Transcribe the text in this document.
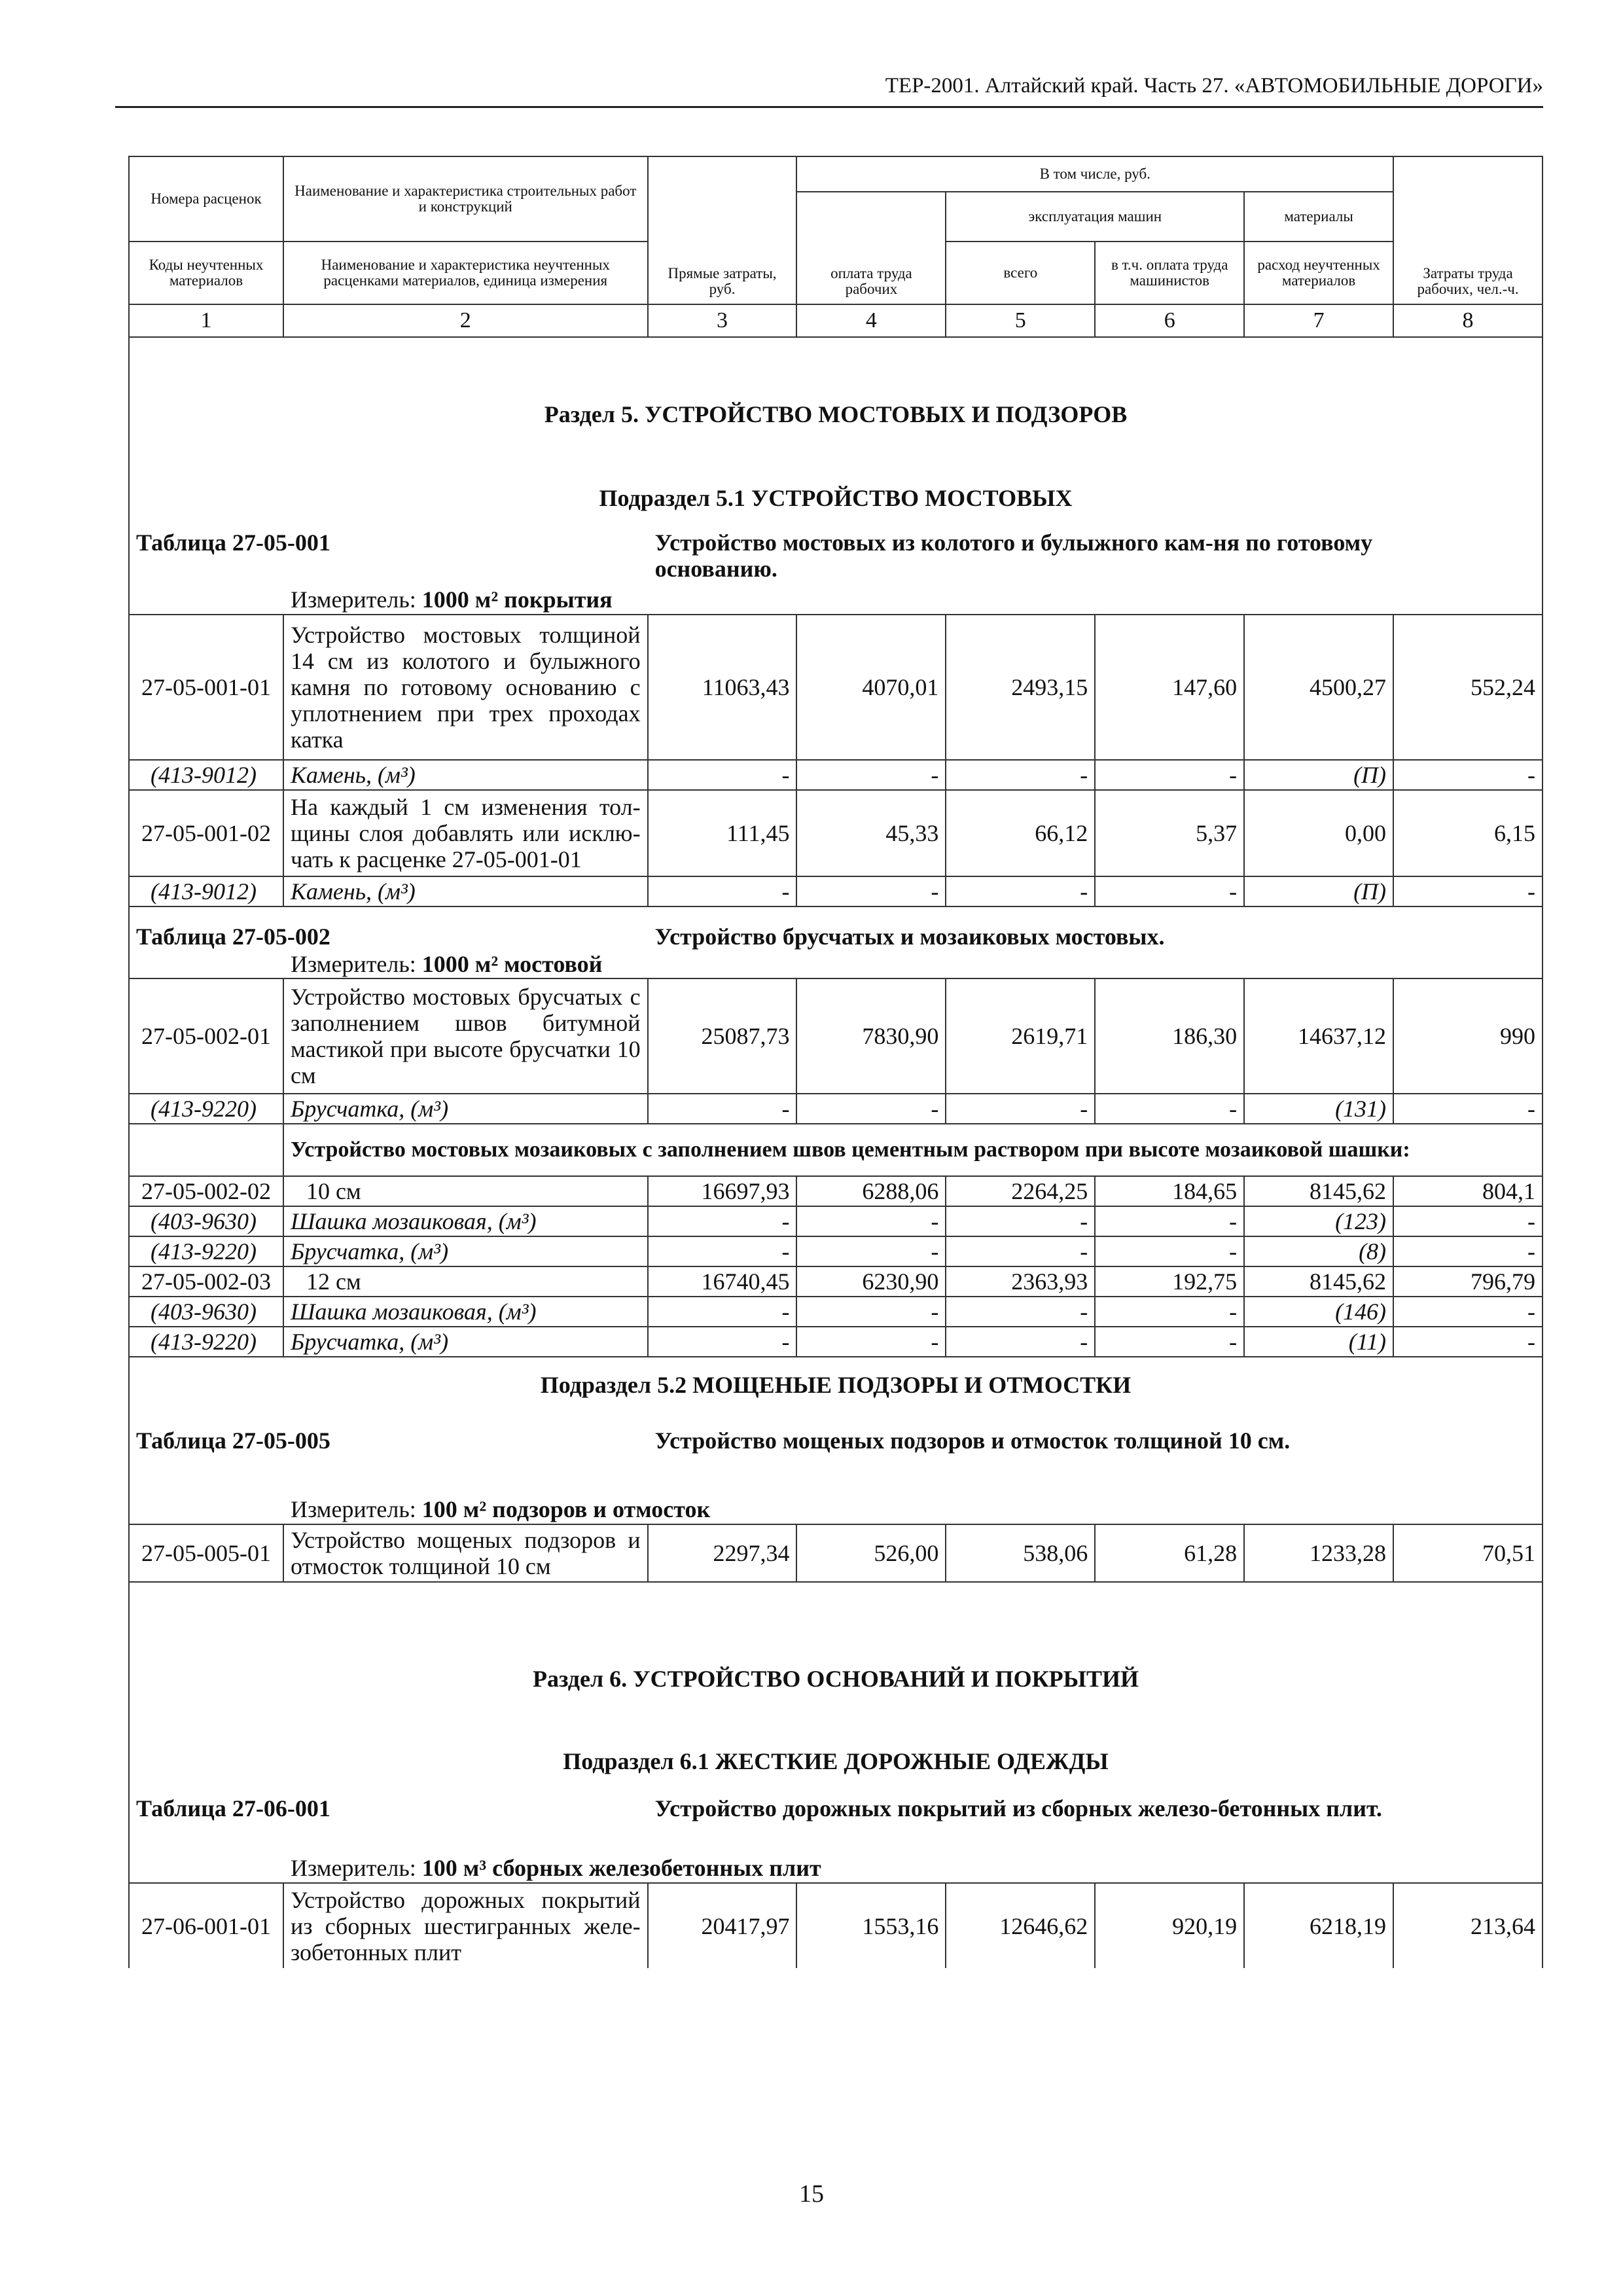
ТЕР-2001. Алтайский край. Часть 27. «АВТОМОБИЛЬНЫЕ ДОРОГИ»
Номера расценок	Наименование и характеристика строительных работ и конструкций	Прямые затраты, руб.	В том числе, руб.				Затраты труда рабочих, чел.-ч.
			оплата труда рабочих	эксплуатация машин		материалы	
Коды неучтенных материалов	Наименование и характеристика неучтенных расценками материалов, единица измерения			всего	в т.ч. оплата труда машинистов	расход неучтенных материалов	
1	2	3	4	5	6	7	8
Раздел 5. УСТРОЙСТВО МОСТОВЫХ И ПОДЗОРОВ							
Подраздел 5.1 УСТРОЙСТВО МОСТОВЫХ							
Таблица 27-05-001		Устройство мостовых из колотого и булыжного кам-ня по готовому основанию.					
	Измеритель: 1000 м² покрытия						
27-05-001-01	Устройство мостовых толщиной 14 см из колотого и булыжного камня по готовому основанию с уплотнением при трех проходах катка	11063,43	4070,01	2493,15	147,60	4500,27	552,24
(413-9012)	Камень, (м³)	-	-	-	-	(П)	-
27-05-001-02	На каждый 1 см изменения тол-щины слоя добавлять или исклю-чать к расценке 27-05-001-01	111,45	45,33	66,12	5,37	0,00	6,15
(413-9012)	Камень, (м³)	-	-	-	-	(П)	-
Таблица 27-05-002		Устройство брусчатых и мозаиковых мостовых.					
	Измеритель: 1000 м² мостовой						
27-05-002-01	Устройство мостовых брусчатых с заполнением швов битумной мастикой при высоте брусчатки 10 см	25087,73	7830,90	2619,71	186,30	14637,12	990
(413-9220)	Брусчатка, (м³)	-	-	-	-	(131)	-
	Устройство мостовых мозаиковых с заполнением швов цементным раствором при высоте мозаиковой шашки:						
27-05-002-02	10 см	16697,93	6288,06	2264,25	184,65	8145,62	804,1
(403-9630)	Шашка мозаиковая, (м³)	-	-	-	-	(123)	-
(413-9220)	Брусчатка, (м³)	-	-	-	-	(8)	-
27-05-002-03	12 см	16740,45	6230,90	2363,93	192,75	8145,62	796,79
(403-9630)	Шашка мозаиковая, (м³)	-	-	-	-	(146)	-
(413-9220)	Брусчатка, (м³)	-	-	-	-	(11)	-
Подраздел 5.2 МОЩЕНЫЕ ПОДЗОРЫ И ОТМОСТКИ							
Таблица 27-05-005		Устройство мощеных подзоров и отмосток толщиной 10 см.					
	Измеритель: 100 м² подзоров и отмосток						
27-05-005-01	Устройство мощеных подзоров и отмосток толщиной 10 см	2297,34	526,00	538,06	61,28	1233,28	70,51
Раздел 6. УСТРОЙСТВО ОСНОВАНИЙ И ПОКРЫТИЙ							
Подраздел 6.1 ЖЕСТКИЕ ДОРОЖНЫЕ ОДЕЖДЫ							
Таблица 27-06-001		Устройство дорожных покрытий из сборных железо-бетонных плит.					
	Измеритель: 100 м³ сборных железобетонных плит						
27-06-001-01	Устройство дорожных покрытий из сборных шестигранных желе-зобетонных плит	20417,97	1553,16	12646,62	920,19	6218,19	213,64
15
